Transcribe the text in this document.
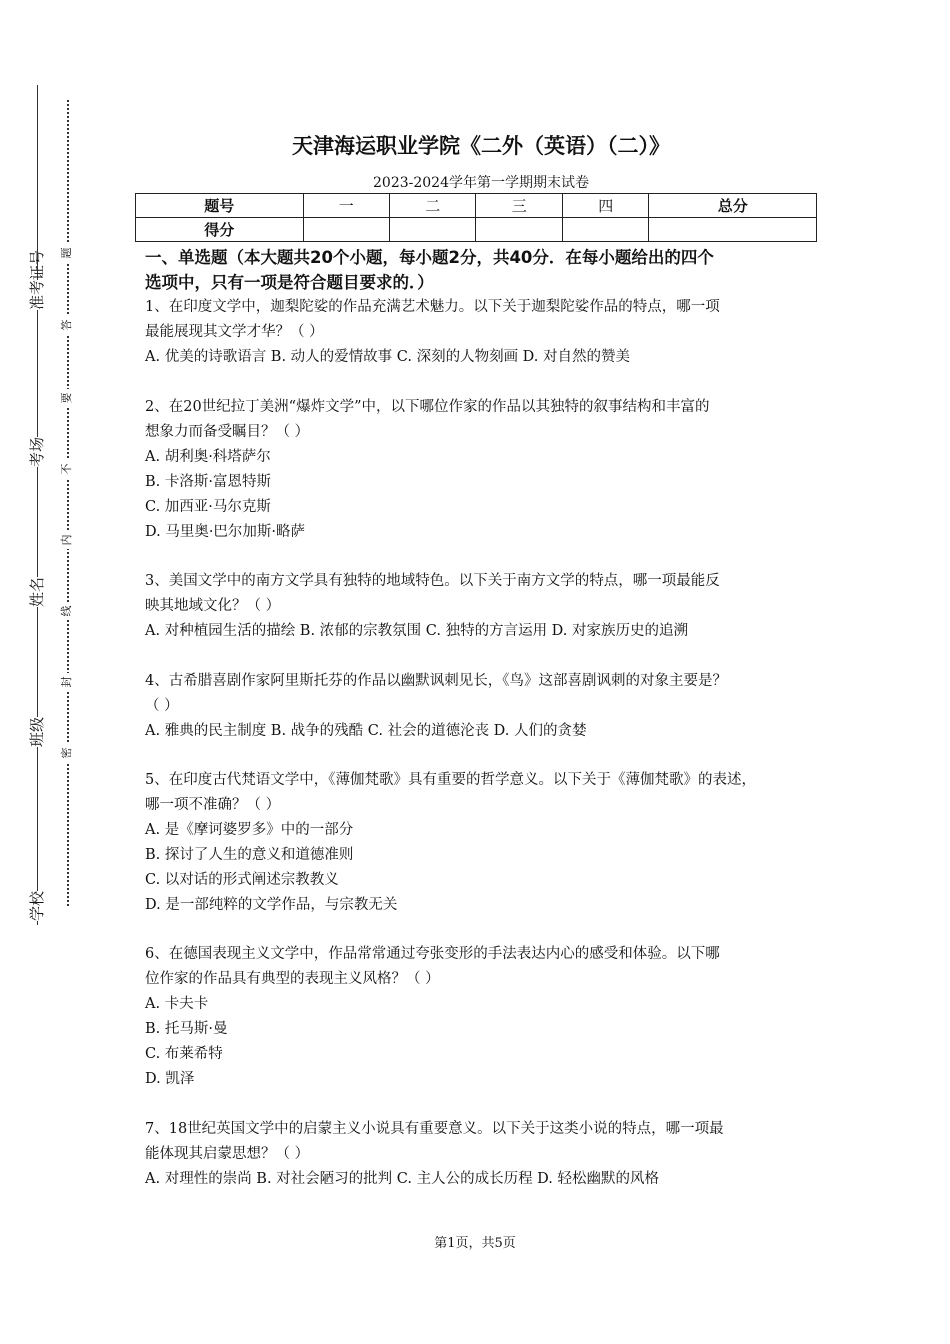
学校
班级
姓名
考场
准考证号
密
封
线
内
不
要
答
题
天津海运职业学院《二外（英语）（二）》
2023-2024学年第一学期期末试卷
题号	一	二	三	四	总分
得分					
一、单选题（本大题共20个小题，每小题2分，共40分．在每小题给出的四个
选项中，只有一项是符合题目要求的．）
1、在印度文学中，迦梨陀娑的作品充满艺术魅力。以下关于迦梨陀娑作品的特点，哪一项
最能展现其文学才华？（ ）
A. 优美的诗歌语言 B. 动人的爱情故事 C. 深刻的人物刻画 D. 对自然的赞美
2、在20世纪拉丁美洲“爆炸文学”中，以下哪位作家的作品以其独特的叙事结构和丰富的
想象力而备受瞩目？（ ）
A. 胡利奥·科塔萨尔
B. 卡洛斯·富恩特斯
C. 加西亚·马尔克斯
D. 马里奥·巴尔加斯·略萨
3、美国文学中的南方文学具有独特的地域特色。以下关于南方文学的特点，哪一项最能反
映其地域文化？（ ）
A. 对种植园生活的描绘 B. 浓郁的宗教氛围 C. 独特的方言运用 D. 对家族历史的追溯
4、古希腊喜剧作家阿里斯托芬的作品以幽默讽刺见长，《鸟》这部喜剧讽刺的对象主要是？
（ ）
A. 雅典的民主制度 B. 战争的残酷 C. 社会的道德沦丧 D. 人们的贪婪
5、在印度古代梵语文学中，《薄伽梵歌》具有重要的哲学意义。以下关于《薄伽梵歌》的表述，
哪一项不准确？（ ）
A. 是《摩诃婆罗多》中的一部分
B. 探讨了人生的意义和道德准则
C. 以对话的形式阐述宗教教义
D. 是一部纯粹的文学作品，与宗教无关
6、在德国表现主义文学中，作品常常通过夸张变形的手法表达内心的感受和体验。以下哪
位作家的作品具有典型的表现主义风格？（ ）
A. 卡夫卡
B. 托马斯·曼
C. 布莱希特
D. 凯泽
7、18世纪英国文学中的启蒙主义小说具有重要意义。以下关于这类小说的特点，哪一项最
能体现其启蒙思想？（ ）
A. 对理性的崇尚 B. 对社会陋习的批判 C. 主人公的成长历程 D. 轻松幽默的风格
第1页，共5页
